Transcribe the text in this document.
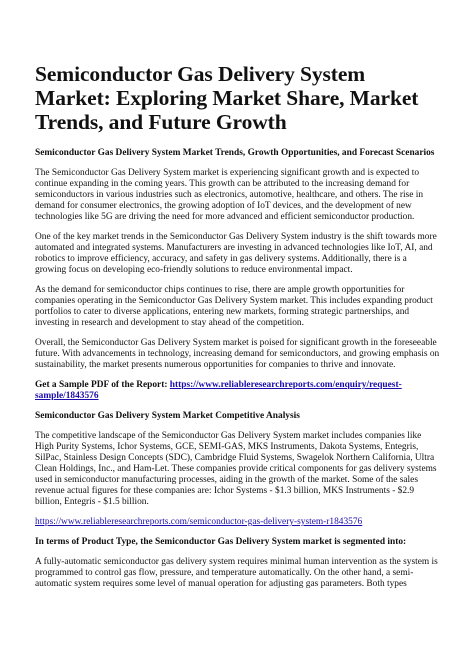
Semiconductor Gas Delivery System Market: Exploring Market Share, Market Trends, and Future Growth
Semiconductor Gas Delivery System Market Trends, Growth Opportunities, and Forecast Scenarios

The Semiconductor Gas Delivery System market is experiencing significant growth and is expected to continue expanding in the coming years. This growth can be attributed to the increasing demand for semiconductors in various industries such as electronics, automotive, healthcare, and others. The rise in demand for consumer electronics, the growing adoption of IoT devices, and the development of new technologies like 5G are driving the need for more advanced and efficient semiconductor production.

One of the key market trends in the Semiconductor Gas Delivery System industry is the shift towards more automated and integrated systems. Manufacturers are investing in advanced technologies like IoT, AI, and robotics to improve efficiency, accuracy, and safety in gas delivery systems. Additionally, there is a growing focus on developing eco-friendly solutions to reduce environmental impact.

As the demand for semiconductor chips continues to rise, there are ample growth opportunities for companies operating in the Semiconductor Gas Delivery System market. This includes expanding product portfolios to cater to diverse applications, entering new markets, forming strategic partnerships, and investing in research and development to stay ahead of the competition.

Overall, the Semiconductor Gas Delivery System market is poised for significant growth in the foreseeable future. With advancements in technology, increasing demand for semiconductors, and growing emphasis on sustainability, the market presents numerous opportunities for companies to thrive and innovate.

Get a Sample PDF of the Report: https://www.reliableresearchreports.com/enquiry/request-sample/1843576

Semiconductor Gas Delivery System Market Competitive Analysis

The competitive landscape of the Semiconductor Gas Delivery System market includes companies like High Purity Systems, Ichor Systems, GCE, SEMI-GAS, MKS Instruments, Dakota Systems, Entegris, SilPac, Stainless Design Concepts (SDC), Cambridge Fluid Systems, Swagelok Northern California, Ultra Clean Holdings, Inc., and Ham-Let. These companies provide critical components for gas delivery systems used in semiconductor manufacturing processes, aiding in the growth of the market. Some of the sales revenue actual figures for these companies are: Ichor Systems - $1.3 billion, MKS Instruments - $2.9 billion, Entegris - $1.5 billion.

https://www.reliableresearchreports.com/semiconductor-gas-delivery-system-r1843576

In terms of Product Type, the Semiconductor Gas Delivery System market is segmented into:

A fully-automatic semiconductor gas delivery system requires minimal human intervention as the system is programmed to control gas flow, pressure, and temperature automatically. On the other hand, a semi-automatic system requires some level of manual operation for adjusting gas parameters. Both types
